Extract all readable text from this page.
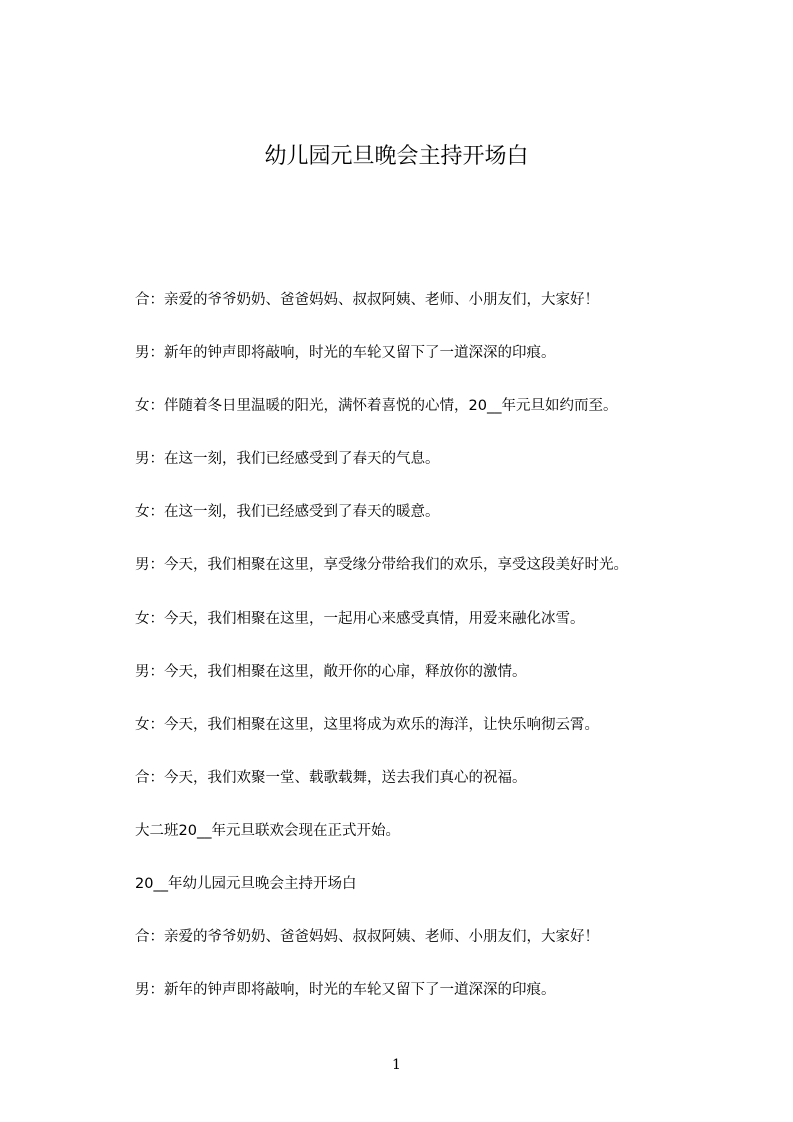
幼儿园元旦晚会主持开场白
合：亲爱的爷爷奶奶、爸爸妈妈、叔叔阿姨、老师、小朋友们，大家好！
男：新年的钟声即将敲响，时光的车轮又留下了一道深深的印痕。
女：伴随着冬日里温暖的阳光，满怀着喜悦的心情，20__年元旦如约而至。
男：在这一刻，我们已经感受到了春天的气息。
女：在这一刻，我们已经感受到了春天的暖意。
男：今天，我们相聚在这里，享受缘分带给我们的欢乐，享受这段美好时光。
女：今天，我们相聚在这里，一起用心来感受真情，用爱来融化冰雪。
男：今天，我们相聚在这里，敞开你的心扉，释放你的激情。
女：今天，我们相聚在这里，这里将成为欢乐的海洋，让快乐响彻云霄。
合：今天，我们欢聚一堂、载歌载舞，送去我们真心的祝福。
大二班20__年元旦联欢会现在正式开始。
20__年幼儿园元旦晚会主持开场白
合：亲爱的爷爷奶奶、爸爸妈妈、叔叔阿姨、老师、小朋友们，大家好！
男：新年的钟声即将敲响，时光的车轮又留下了一道深深的印痕。
1
